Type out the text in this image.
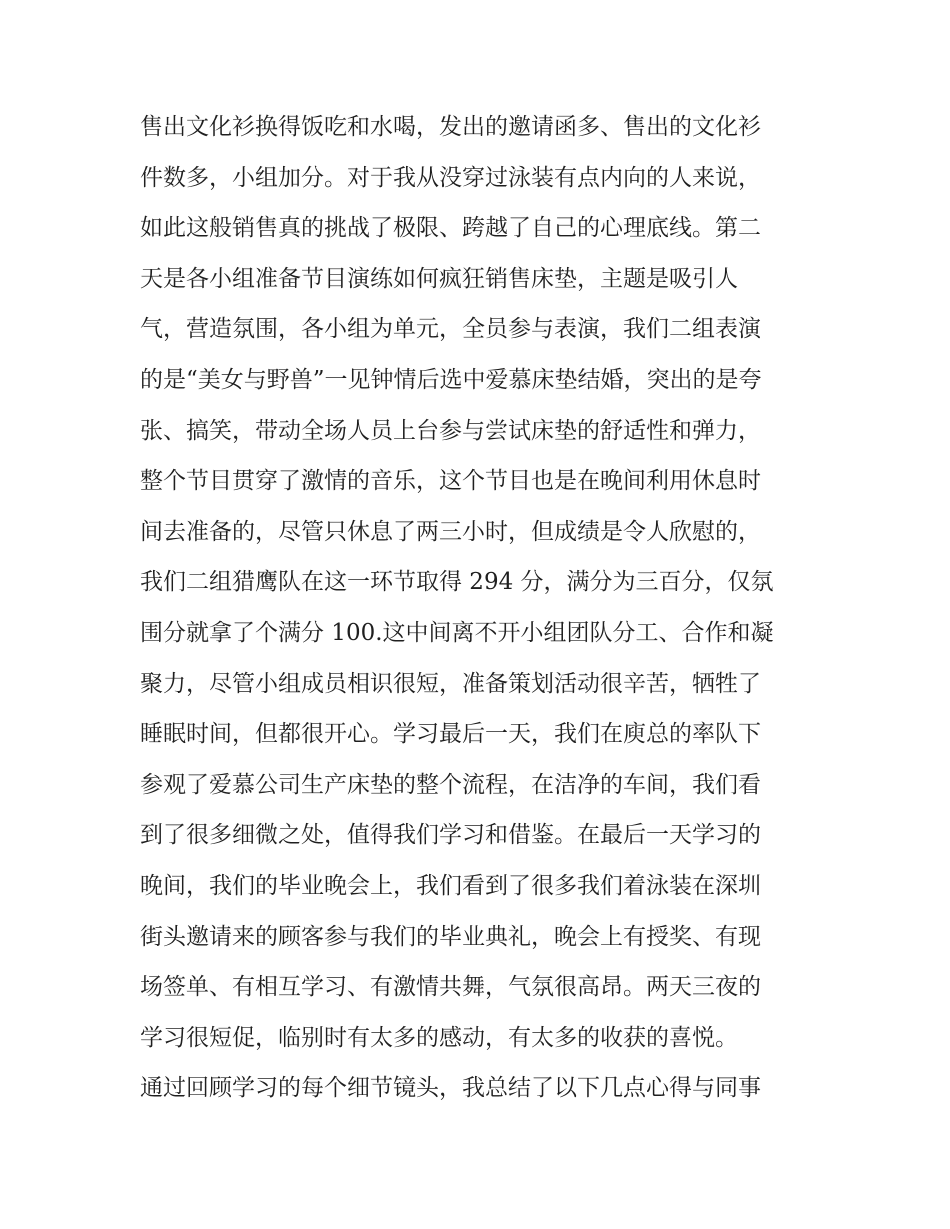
售出文化衫换得饭吃和水喝，发出的邀请函多、售出的文化衫
件数多，小组加分。对于我从没穿过泳装有点内向的人来说，
如此这般销售真的挑战了极限、跨越了自己的心理底线。第二
天是各小组准备节目演练如何疯狂销售床垫，主题是吸引人
气，营造氛围，各小组为单元，全员参与表演，我们二组表演
的是“美女与野兽”一见钟情后选中爱慕床垫结婚，突出的是夸
张、搞笑，带动全场人员上台参与尝试床垫的舒适性和弹力，
整个节目贯穿了激情的音乐，这个节目也是在晚间利用休息时
间去准备的，尽管只休息了两三小时，但成绩是令人欣慰的，
我们二组猎鹰队在这一环节取得 294 分，满分为三百分，仅氛
围分就拿了个满分 100.这中间离不开小组团队分工、合作和凝
聚力，尽管小组成员相识很短，准备策划活动很辛苦，牺牲了
睡眠时间，但都很开心。学习最后一天，我们在庾总的率队下
参观了爱慕公司生产床垫的整个流程，在洁净的车间，我们看
到了很多细微之处，值得我们学习和借鉴。在最后一天学习的
晚间，我们的毕业晚会上，我们看到了很多我们着泳装在深圳
街头邀请来的顾客参与我们的毕业典礼，晚会上有授奖、有现
场签单、有相互学习、有激情共舞，气氛很高昂。两天三夜的
学习很短促，临别时有太多的感动，有太多的收获的喜悦。
通过回顾学习的每个细节镜头，我总结了以下几点心得与同事
